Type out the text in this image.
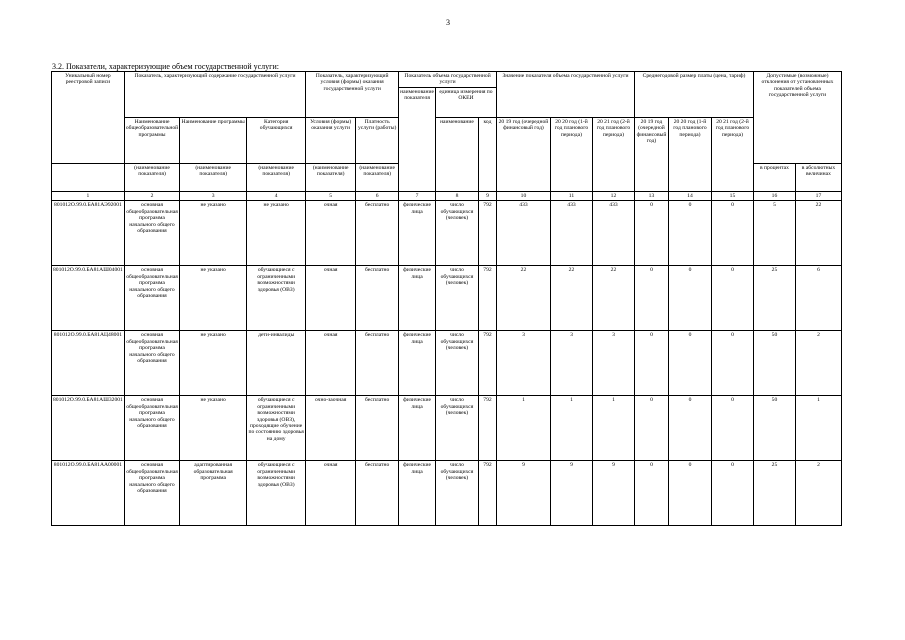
3
3.2. Показатели, характеризующие объем государственной услуги:
Уникальный номер реестровой записи	Показатель, характеризующий содержание государственной услуги			Показатель, характеризующий условия (формы) оказания государственной услуги		Показатель объема государственной услуги			Значение показателя объема государственной услуги			Среднегодовой размер платы (цена, тариф)			Допустимые (возможные) отклонения от установленных показателей объема государственной услуги	
						наименование показателя	единица измерения по ОКЕИ									
	Наименование общеобразовательной программы	Наименование программы	Категория обучающихся	Условия (формы) оказания услуги	Платность услуги (работы)		наименование	код	20 19 год (очередной финансовый год)	20 20 год (1-й год планового периода)	20 21 год (2-й год планового периода)	20 19 год (очередной финансовый год)	20 20 год (1-й год планового периода)	20 21 год (2-й год планового периода)		
	(наименование показателя)	(наименование показателя)	(наименование показателя)	(наименование показателя)	(наименование показателя)										в процентах	в абсолютных величинах
1	2	3	4	5	6	7	8	9	10	11	12	13	14	15	16	17
801012О.99.0.БА81АЭ92001	основная общеобразовательная программа начального общего образования	не указано	не указано	очная	бесплатно	физические лица	число обучающихся (человек)	792	433	433	433	0	0	0	5	22
801012О.99.0.БА81АШ04001	основная общеобразовательная программа начального общего образования	не указано	обучающиеся с ограниченными возможностями здоровья (ОВЗ)	очная	бесплатно	физические лица	число обучающихся (человек)	792	22	22	22	0	0	0	25	6
801012О.99.0.БА81АЦ48001	основная общеобразовательная программа начального общего образования	не указано	дети-инвалиды	очная	бесплатно	физические лица	число обучающихся (человек)	792	3	3	3	0	0	0	50	2
801012О.99.0.БА81АШ32001	основная общеобразовательная программа начального общего образования	не указано	обучающиеся с ограниченными возможностями здоровья (ОВЗ), проходящие обучение по состоянию здоровья на дому	очно-заочная	бесплатно	физические лица	число обучающихся (человек)	792	1	1	1	0	0	0	50	1
801012О.99.0.БА81АА00001	основная общеобразовательная программа начального общего образования	адаптированная образовательная программа	обучающиеся с ограниченными возможностями здоровья (ОВЗ)	очная	бесплатно	физические лица	число обучающихся (человек)	792	9	9	9	0	0	0	25	2
